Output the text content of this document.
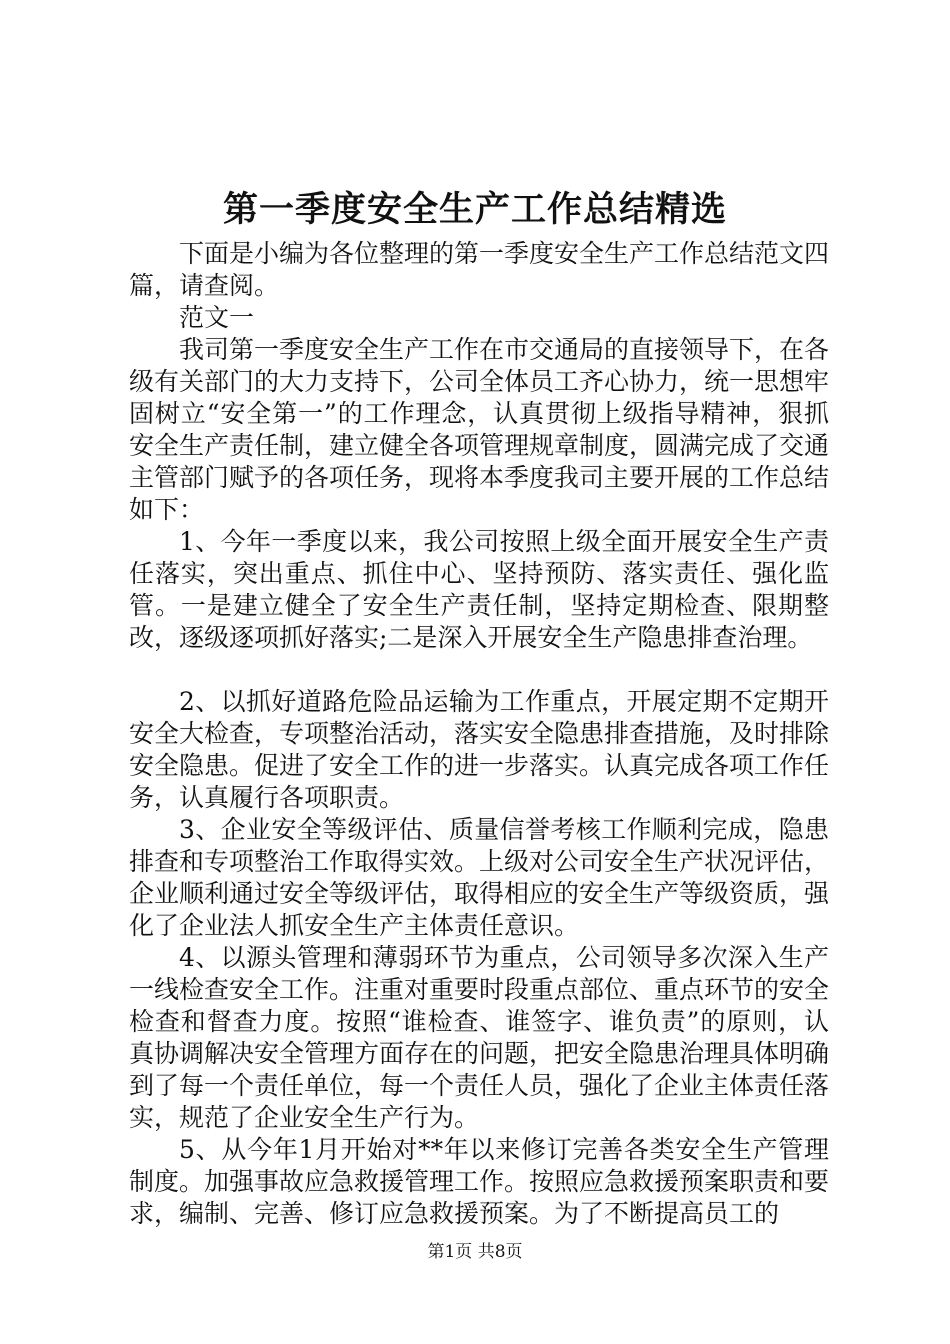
第一季度安全生产工作总结精选

下面是小编为各位整理的第一季度安全生产工作总结范文四篇，请查阅。

范文一

我司第一季度安全生产工作在市交通局的直接领导下，在各级有关部门的大力支持下，公司全体员工齐心协力，统一思想牢固树立“安全第一”的工作理念，认真贯彻上级指导精神，狠抓安全生产责任制，建立健全各项管理规章制度，圆满完成了交通主管部门赋予的各项任务，现将本季度我司主要开展的工作总结如下：

1、今年一季度以来，我公司按照上级全面开展安全生产责任落实，突出重点、抓住中心、坚持预防、落实责任、强化监管。一是建立健全了安全生产责任制，坚持定期检查、限期整改，逐级逐项抓好落实;二是深入开展安全生产隐患排查治理。

2、以抓好道路危险品运输为工作重点，开展定期不定期开安全大检查，专项整治活动，落实安全隐患排查措施，及时排除安全隐患。促进了安全工作的进一步落实。认真完成各项工作任务，认真履行各项职责。

3、企业安全等级评估、质量信誉考核工作顺利完成，隐患排查和专项整治工作取得实效。上级对公司安全生产状况评估，企业顺利通过安全等级评估，取得相应的安全生产等级资质，强化了企业法人抓安全生产主体责任意识。

4、以源头管理和薄弱环节为重点，公司领导多次深入生产一线检查安全工作。注重对重要时段重点部位、重点环节的安全检查和督查力度。按照“谁检查、谁签字、谁负责”的原则，认真协调解决安全管理方面存在的问题，把安全隐患治理具体明确到了每一个责任单位，每一个责任人员，强化了企业主体责任落实，规范了企业安全生产行为。

5、从今年1月开始对**年以来修订完善各类安全生产管理制度。加强事故应急救援管理工作。按照应急救援预案职责和要求，编制、完善、修订应急救援预案。为了不断提高员工的

第1页 共8页
